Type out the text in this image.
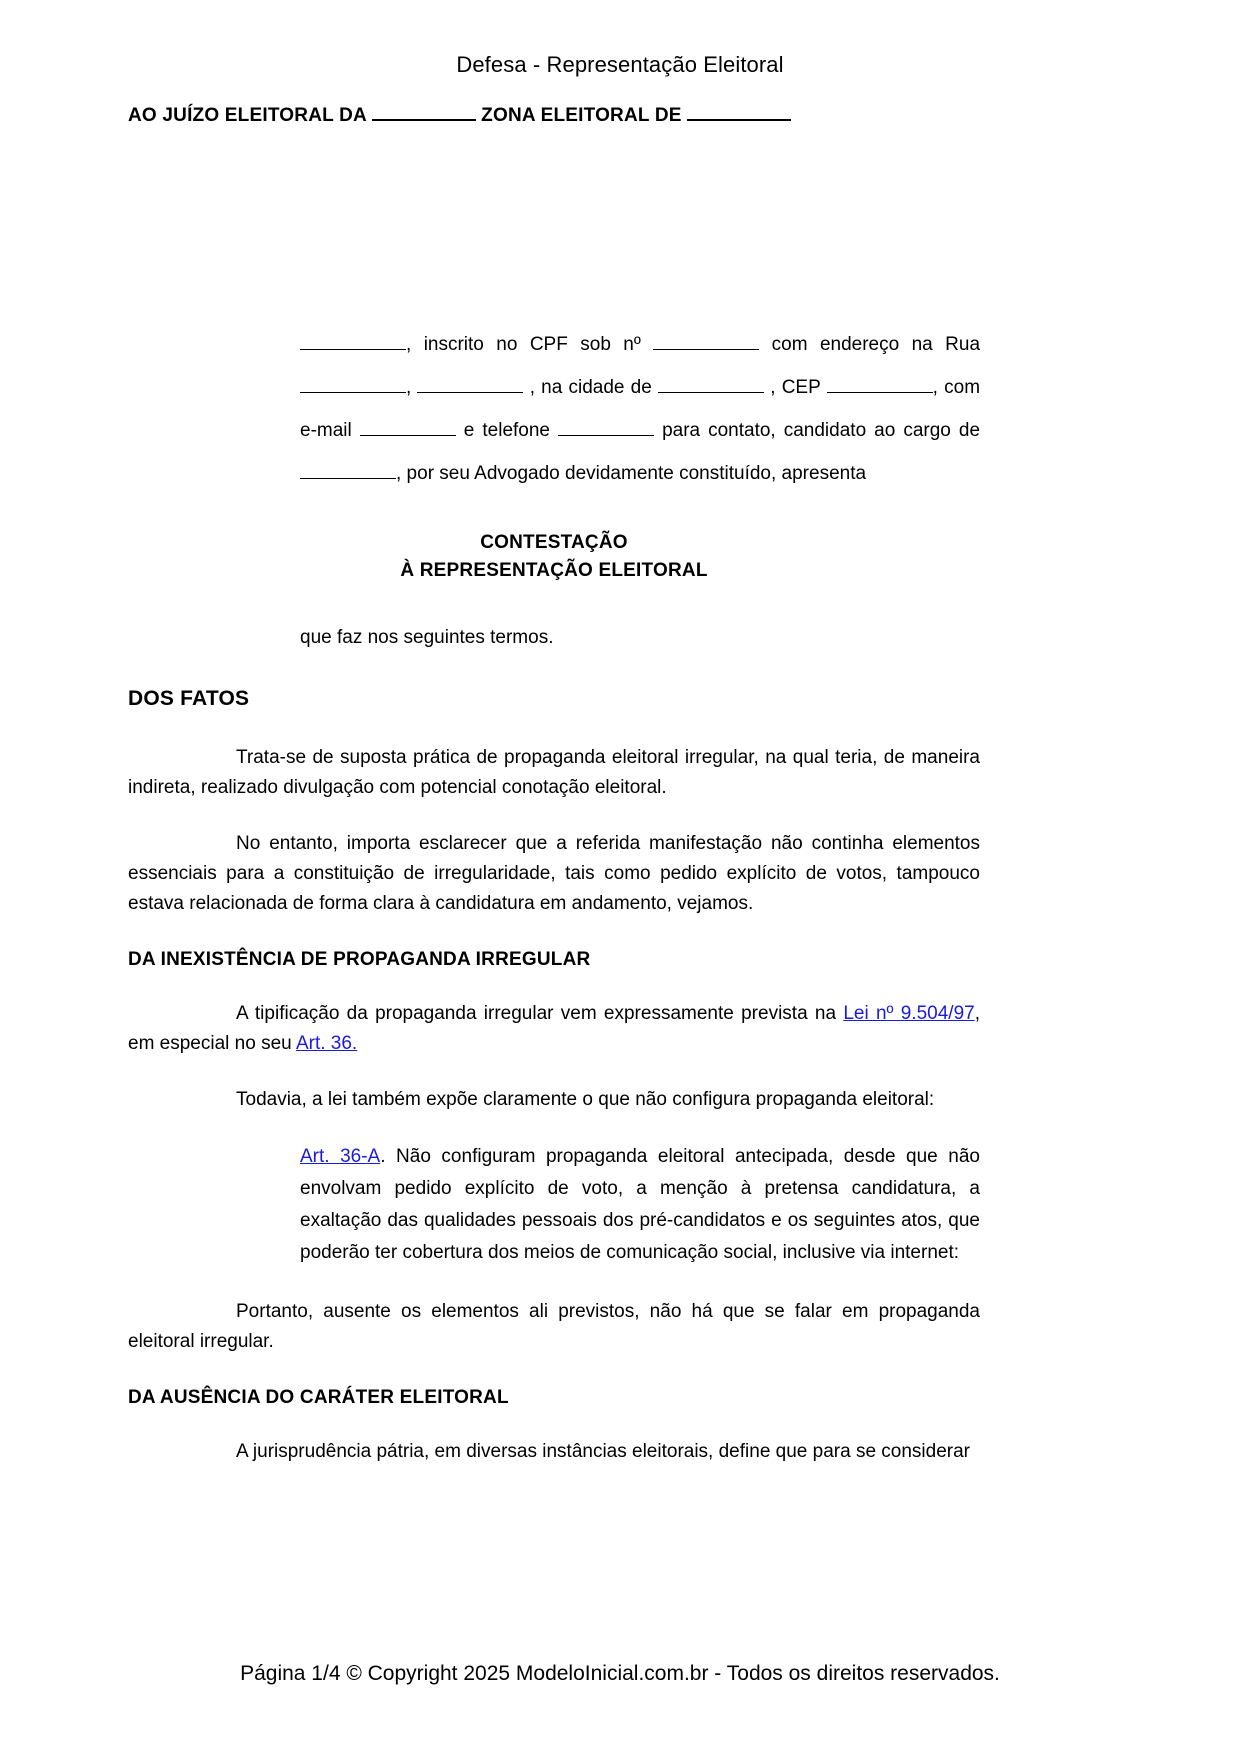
Defesa - Representação Eleitoral
AO JUÍZO ELEITORAL DA	ZONA ELEITORAL DE

, inscrito no CPF sob nº	com endereço na Rua ,	, na cidade de	, CEP	, com e-mail	e telefone	para contato, candidato ao cargo de , por seu Advogado devidamente constituído, apresenta

CONTESTAÇÃO
À REPRESENTAÇÃO ELEITORAL

que faz nos seguintes termos.

DOS FATOS

Trata-se de suposta prática de propaganda eleitoral irregular, na qual teria, de maneira indireta, realizado divulgação com potencial conotação eleitoral.

No entanto, importa esclarecer que a referida manifestação não continha elementos essenciais para a constituição de irregularidade, tais como pedido explícito de votos, tampouco estava relacionada de forma clara à candidatura em andamento, vejamos.

DA INEXISTÊNCIA DE PROPAGANDA IRREGULAR

A tipificação da propaganda irregular vem expressamente prevista na Lei nº 9.504/97, em especial no seu Art. 36.

Todavia, a lei também expõe claramente o que não configura propaganda eleitoral:

Art. 36-A. Não configuram propaganda eleitoral antecipada, desde que não envolvam pedido explícito de voto, a menção à pretensa candidatura, a exaltação das qualidades pessoais dos pré-candidatos e os seguintes atos, que poderão ter cobertura dos meios de comunicação social, inclusive via internet:

Portanto, ausente os elementos ali previstos, não há que se falar em propaganda eleitoral irregular.

DA AUSÊNCIA DO CARÁTER ELEITORAL

A jurisprudência pátria, em diversas instâncias eleitorais, define que para se considerar

Página 1/4 © Copyright 2025 ModeloInicial.com.br - Todos os direitos reservados.
